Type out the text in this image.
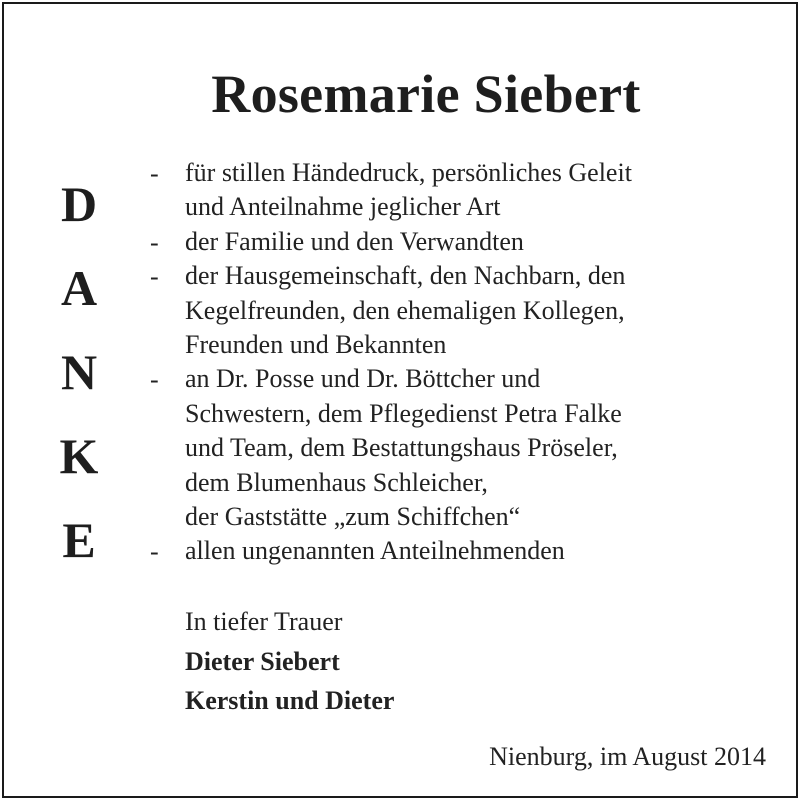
Rosemarie Siebert
D
A
N
K
E
- für stillen Händedruck, persönliches Geleit
und Anteilnahme jeglicher Art
- der Familie und den Verwandten
- der Hausgemeinschaft, den Nachbarn, den
Kegelfreunden, den ehemaligen Kollegen,
Freunden und Bekannten
- an Dr. Posse und Dr. Böttcher und
Schwestern, dem Pflegedienst Petra Falke
und Team, dem Bestattungshaus Pröseler,
dem Blumenhaus Schleicher,
der Gaststätte „zum Schiffchen“
- allen ungenannten Anteilnehmenden
In tiefer Trauer
Dieter Siebert
Kerstin und Dieter
Nienburg, im August 2014
